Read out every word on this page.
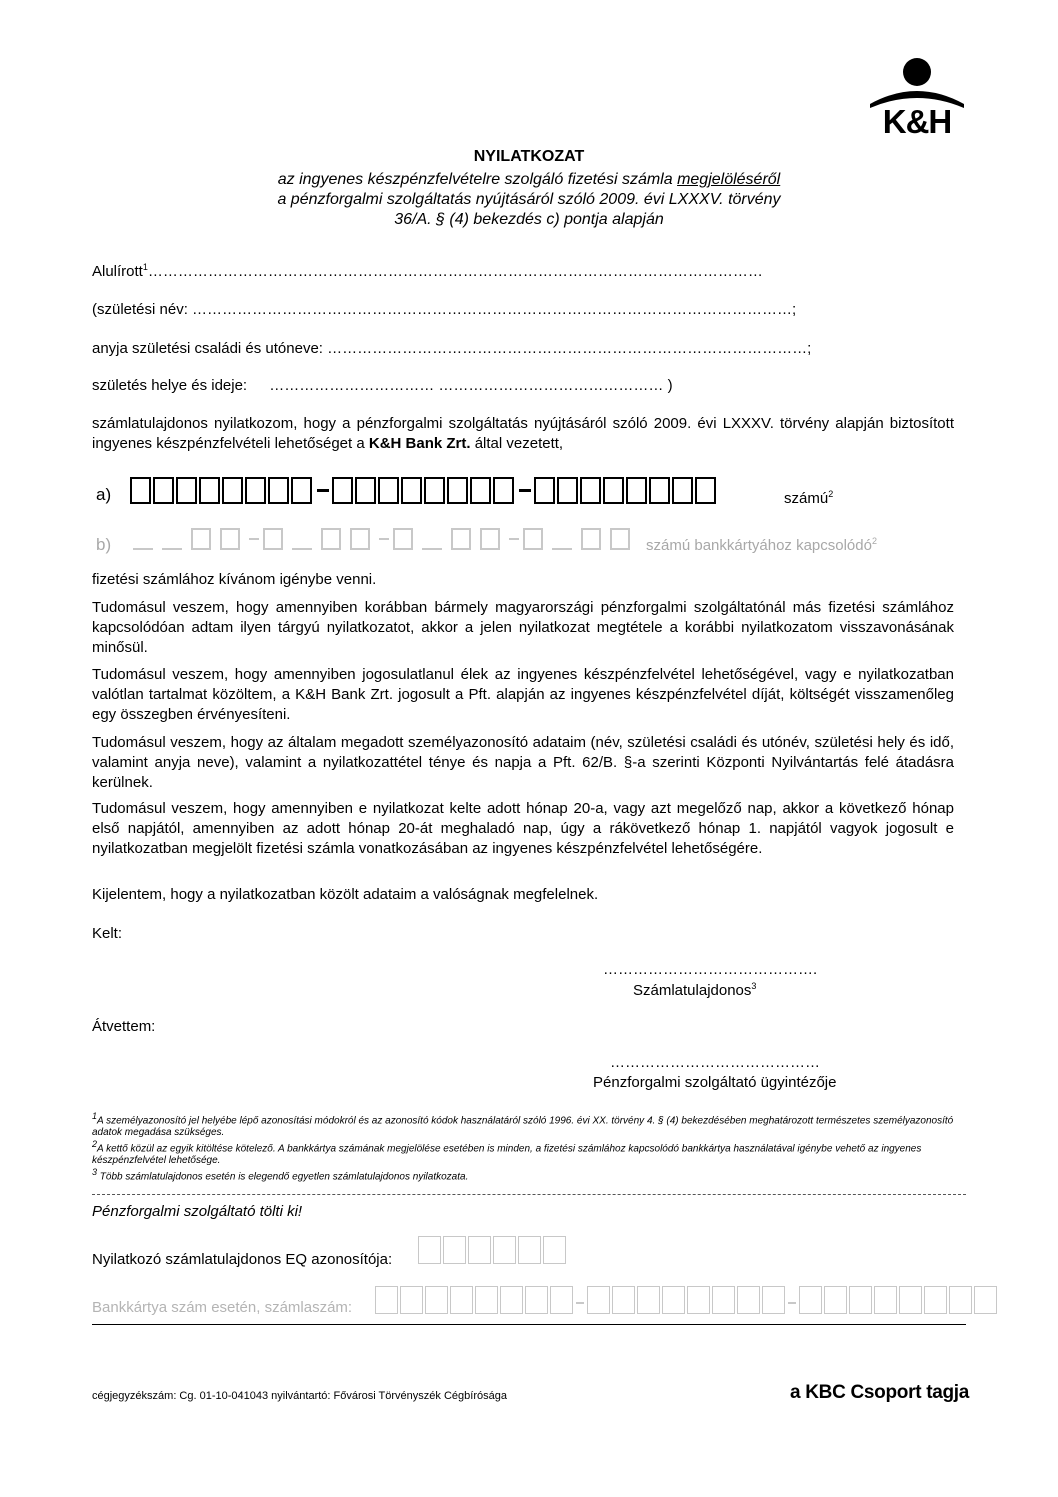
K&H
NYILATKOZAT
az ingyenes készpénzfelvételre szolgáló fizetési számla megjelöléséről
a pénzforgalmi szolgáltatás nyújtásáról szóló 2009. évi LXXXV. törvény
36/A. § (4) bekezdés c) pontja alapján
Alulírott$^1$……………………………………………………………………………………………………………
(születési név: …………………………………………………………………………………………………………;
anyja születési családi és utóneve: ……………………………………………………………………………………;
születés helye és ideje: …………………………… ……………………………………… )
számlatulajdonos nyilatkozom, hogy a pénzforgalmi szolgáltatás nyújtásáról szóló 2009. évi LXXXV. törvény alapján biztosított ingyenes készpénzfelvételi lehetőséget a K&H Bank Zrt. által vezetett,
a)	számú$^2$
b)	számú bankkártyához kapcsolódó$^2$
fizetési számlához kívánom igénybe venni.
Tudomásul veszem, hogy amennyiben korábban bármely magyarországi pénzforgalmi szolgáltatónál más fizetési számlához kapcsolódóan adtam ilyen tárgyú nyilatkozatot, akkor a jelen nyilatkozat megtétele a korábbi nyilatkozatom visszavonásának minősül.
Tudomásul veszem, hogy amennyiben jogosulatlanul élek az ingyenes készpénzfelvétel lehetőségével, vagy e nyilatkozatban valótlan tartalmat közöltem, a K&H Bank Zrt. jogosult a Pft. alapján az ingyenes készpénzfelvétel díját, költségét visszamenőleg egy összegben érvényesíteni.
Tudomásul veszem, hogy az általam megadott személyazonosító adataim (név, születési családi és utónév, születési hely és idő, valamint anyja neve), valamint a nyilatkozattétel ténye és napja a Pft. 62/B. §-a szerinti Központi Nyilvántartás felé átadásra kerülnek.
Tudomásul veszem, hogy amennyiben e nyilatkozat kelte adott hónap 20-a, vagy azt megelőző nap, akkor a következő hónap első napjától, amennyiben az adott hónap 20-át meghaladó nap, úgy a rákövetkező hónap 1. napjától vagyok jogosult e nyilatkozatban megjelölt fizetési számla vonatkozásában az ingyenes készpénzfelvétel lehetőségére.
Kijelentem, hogy a nyilatkozatban közölt adataim a valóságnak megfelelnek.
Kelt:
…………………………………….
Számlatulajdonos$^3$
Átvettem:
……………………………………
Pénzforgalmi szolgáltató ügyintézője
$^1$A személyazonosító jel helyébe lépő azonosítási módokról és az azonosító kódok használatáról szóló 1996. évi XX. törvény 4. § (4) bekezdésében meghatározott természetes személyazonosító adatok megadása szükséges.
$^2$A kettő közül az egyik kitöltése kötelező. A bankkártya számának megjelölése esetében is minden, a fizetési számlához kapcsolódó bankkártya használatával igénybe vehető az ingyenes készpénzfelvétel lehetősége.
$^3$ Több számlatulajdonos esetén is elegendő egyetlen számlatulajdonos nyilatkozata.
Pénzforgalmi szolgáltató tölti ki!
Nyilatkozó számlatulajdonos EQ azonosítója:
Bankkártya szám esetén, számlaszám:
cégjegyzékszám: Cg. 01-10-041043 nyilvántartó: Fővárosi Törvényszék Cégbírósága	a KBC Csoport tagja
